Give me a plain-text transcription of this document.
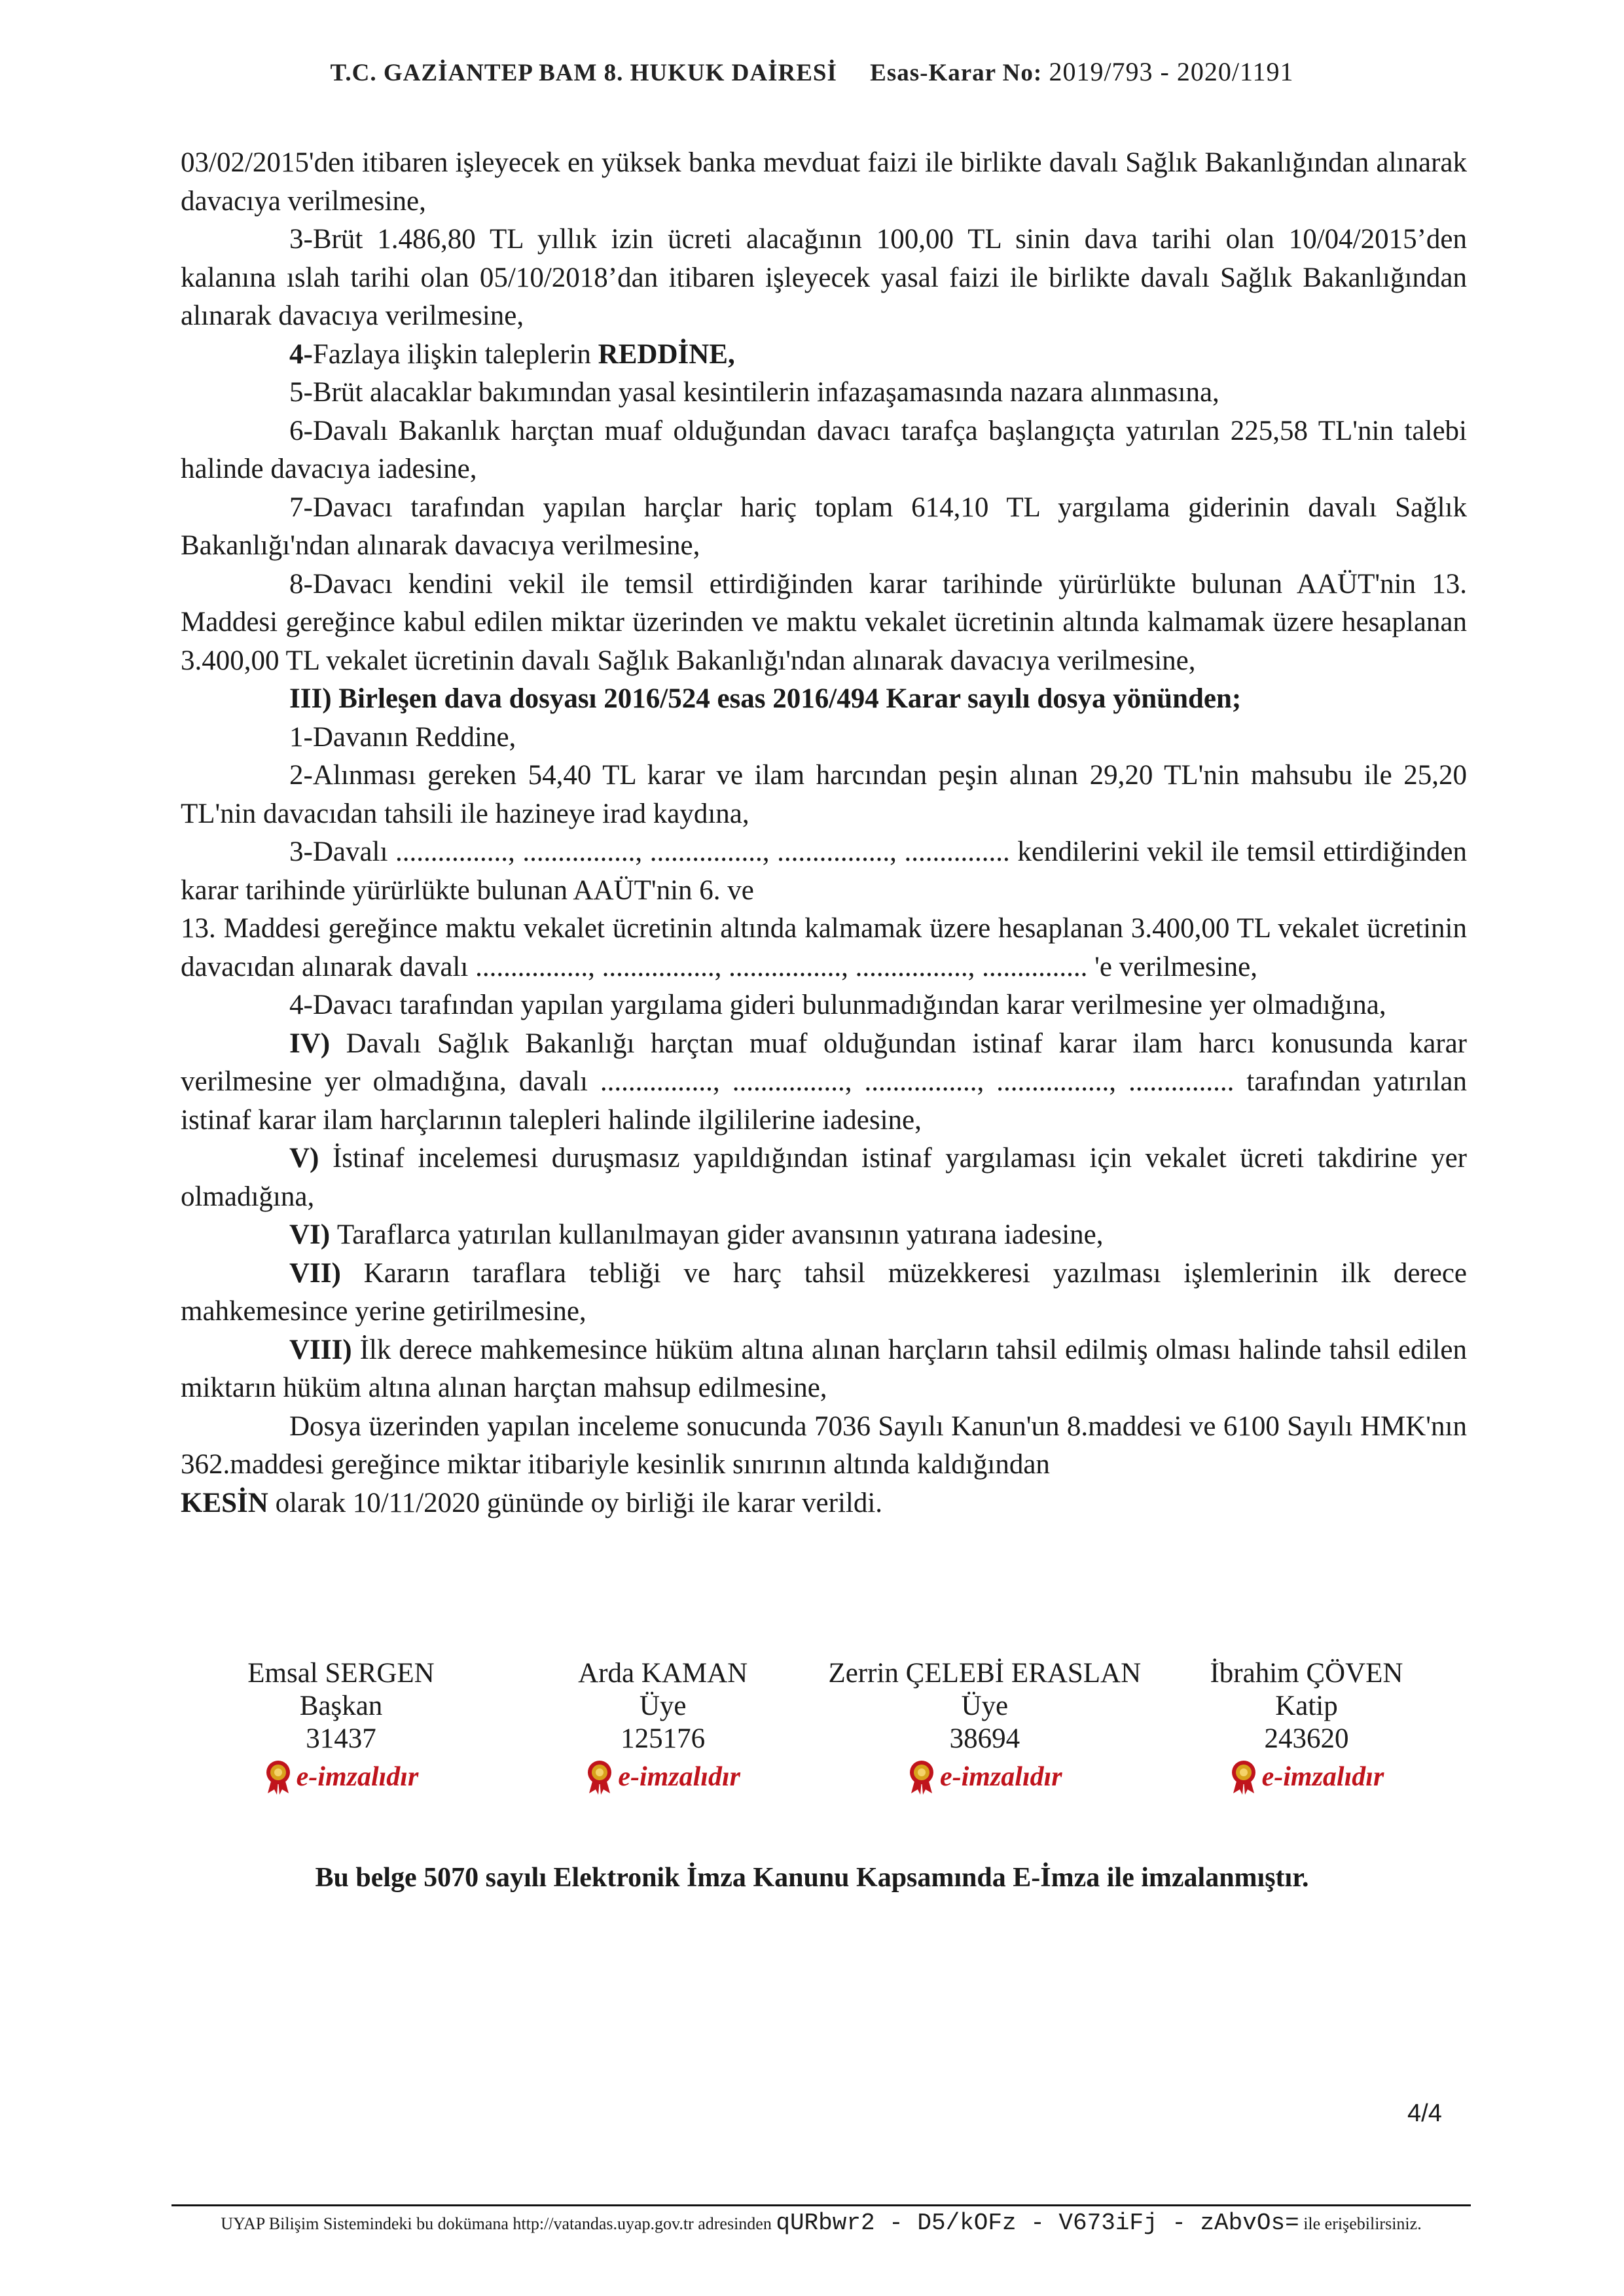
T.C. GAZİANTEP BAM 8. HUKUK DAİRESİ Esas-Karar No: 2019/793 - 2020/1191

03/02/2015'den itibaren işleyecek en yüksek banka mevduat faizi ile birlikte davalı Sağlık Bakanlığından alınarak davacıya verilmesine,

3-Brüt 1.486,80 TL yıllık izin ücreti alacağının 100,00 TL sinin dava tarihi olan 10/04/2015’den kalanına ıslah tarihi olan 05/10/2018’dan itibaren işleyecek yasal faizi ile birlikte davalı Sağlık Bakanlığından alınarak davacıya verilmesine,

4-Fazlaya ilişkin taleplerin REDDİNE,

5-Brüt alacaklar bakımından yasal kesintilerin infazaşamasında nazara alınmasına,

6-Davalı Bakanlık harçtan muaf olduğundan davacı tarafça başlangıçta yatırılan 225,58 TL'nin talebi halinde davacıya iadesine,

7-Davacı tarafından yapılan harçlar hariç toplam 614,10 TL yargılama giderinin davalı Sağlık Bakanlığı'ndan alınarak davacıya verilmesine,

8-Davacı kendini vekil ile temsil ettirdiğinden karar tarihinde yürürlükte bulunan AAÜT'nin 13. Maddesi gereğince kabul edilen miktar üzerinden ve maktu vekalet ücretinin altında kalmamak üzere hesaplanan 3.400,00 TL vekalet ücretinin davalı Sağlık Bakanlığı'ndan alınarak davacıya verilmesine,

III) Birleşen dava dosyası 2016/524 esas 2016/494 Karar sayılı dosya yönünden;

1-Davanın Reddine,

2-Alınması gereken 54,40 TL karar ve ilam harcından peşin alınan 29,20 TL'nin mahsubu ile 25,20 TL'nin davacıdan tahsili ile hazineye irad kaydına,

3-Davalı ................, ................, ................, ................, ............... kendilerini vekil ile temsil ettirdiğinden karar tarihinde yürürlükte bulunan AAÜT'nin 6. ve

13. Maddesi gereğince maktu vekalet ücretinin altında kalmamak üzere hesaplanan 3.400,00 TL vekalet ücretinin davacıdan alınarak davalı ................, ................, ................, ................, ............... 'e verilmesine,

4-Davacı tarafından yapılan yargılama gideri bulunmadığından karar verilmesine yer olmadığına,

IV) Davalı Sağlık Bakanlığı harçtan muaf olduğundan istinaf karar ilam harcı konusunda karar verilmesine yer olmadığına, davalı ................, ................, ................, ................, ............... tarafından yatırılan istinaf karar ilam harçlarının talepleri halinde ilgililerine iadesine,

V) İstinaf incelemesi duruşmasız yapıldığından istinaf yargılaması için vekalet ücreti takdirine yer olmadığına,

VI) Taraflarca yatırılan kullanılmayan gider avansının yatırana iadesine,

VII) Kararın taraflara tebliği ve harç tahsil müzekkeresi yazılması işlemlerinin ilk derece mahkemesince yerine getirilmesine,

VIII) İlk derece mahkemesince hüküm altına alınan harçların tahsil edilmiş olması halinde tahsil edilen miktarın hüküm altına alınan harçtan mahsup edilmesine,

Dosya üzerinden yapılan inceleme sonucunda 7036 Sayılı Kanun'un 8.maddesi ve 6100 Sayılı HMK'nın 362.maddesi gereğince miktar itibariyle kesinlik sınırının altında kaldığından

KESİN olarak 10/11/2020 gününde oy birliği ile karar verildi.

Emsal SERGEN
Başkan
31437
e-imzalıdır
Arda KAMAN
Üye
125176
e-imzalıdır
Zerrin ÇELEBİ ERASLAN
Üye
38694
e-imzalıdır
İbrahim ÇÖVEN
Katip
243620
e-imzalıdır
Bu belge 5070 sayılı Elektronik İmza Kanunu Kapsamında E-İmza ile imzalanmıştır.
4/4
UYAP Bilişim Sistemindeki bu dokümana http://vatandas.uyap.gov.tr adresinden qURbwr2 - D5/kOFz - V673iFj - zAbvOs= ile erişebilirsiniz.
